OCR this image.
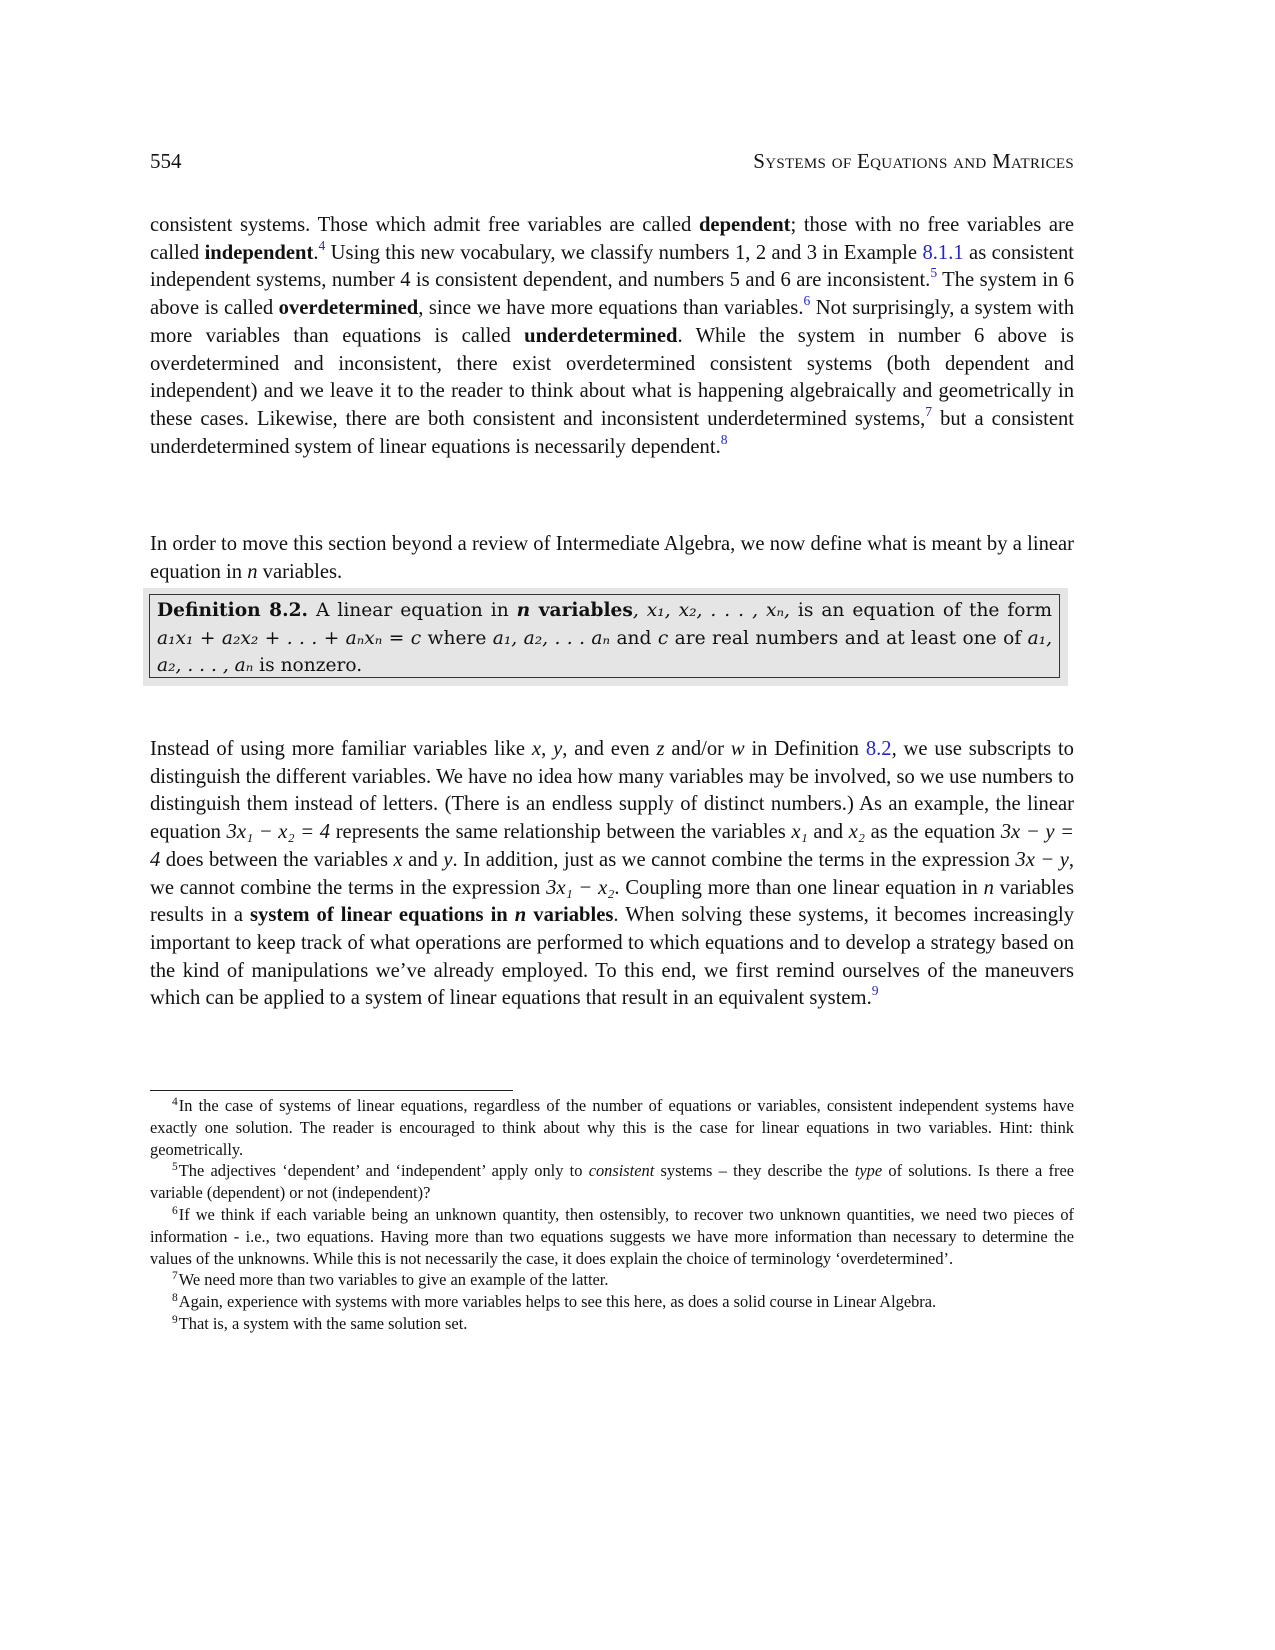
554	Systems of Equations and Matrices
consistent systems. Those which admit free variables are called dependent; those with no free variables are called independent.$^4$ Using this new vocabulary, we classify numbers 1, 2 and 3 in Example 8.1.1 as consistent independent systems, number 4 is consistent dependent, and numbers 5 and 6 are inconsistent.$^5$ The system in 6 above is called overdetermined, since we have more equations than variables.$^6$ Not surprisingly, a system with more variables than equations is called underdetermined. While the system in number 6 above is overdetermined and inconsistent, there exist overdetermined consistent systems (both dependent and independent) and we leave it to the reader to think about what is happening algebraically and geometrically in these cases. Likewise, there are both consistent and inconsistent underdetermined systems,$^7$ but a consistent underdetermined system of linear equations is necessarily dependent.$^8$
In order to move this section beyond a review of Intermediate Algebra, we now define what is meant by a linear equation in n variables.
Definition 8.2. A linear equation in n variables, x₁, x₂, . . . , xₙ, is an equation of the form a₁x₁ + a₂x₂ + . . . + aₙxₙ = c where a₁, a₂, . . . aₙ and c are real numbers and at least one of a₁, a₂, . . . , aₙ is nonzero.
Instead of using more familiar variables like x, y, and even z and/or w in Definition 8.2, we use subscripts to distinguish the different variables. We have no idea how many variables may be involved, so we use numbers to distinguish them instead of letters. (There is an endless supply of distinct numbers.) As an example, the linear equation 3x₁ − x₂ = 4 represents the same relationship between the variables x₁ and x₂ as the equation 3x − y = 4 does between the variables x and y. In addition, just as we cannot combine the terms in the expression 3x − y, we cannot combine the terms in the expression 3x₁ − x₂. Coupling more than one linear equation in n variables results in a system of linear equations in n variables. When solving these systems, it becomes increasingly important to keep track of what operations are performed to which equations and to develop a strategy based on the kind of manipulations we’ve already employed. To this end, we first remind ourselves of the maneuvers which can be applied to a system of linear equations that result in an equivalent system.$^9$
$^4$In the case of systems of linear equations, regardless of the number of equations or variables, consistent independent systems have exactly one solution. The reader is encouraged to think about why this is the case for linear equations in two variables. Hint: think geometrically.
$^5$The adjectives ‘dependent’ and ‘independent’ apply only to consistent systems – they describe the type of solutions. Is there a free variable (dependent) or not (independent)?
$^6$If we think if each variable being an unknown quantity, then ostensibly, to recover two unknown quantities, we need two pieces of information - i.e., two equations. Having more than two equations suggests we have more information than necessary to determine the values of the unknowns. While this is not necessarily the case, it does explain the choice of terminology ‘overdetermined’.
$^7$We need more than two variables to give an example of the latter.
$^8$Again, experience with systems with more variables helps to see this here, as does a solid course in Linear Algebra.
$^9$That is, a system with the same solution set.
